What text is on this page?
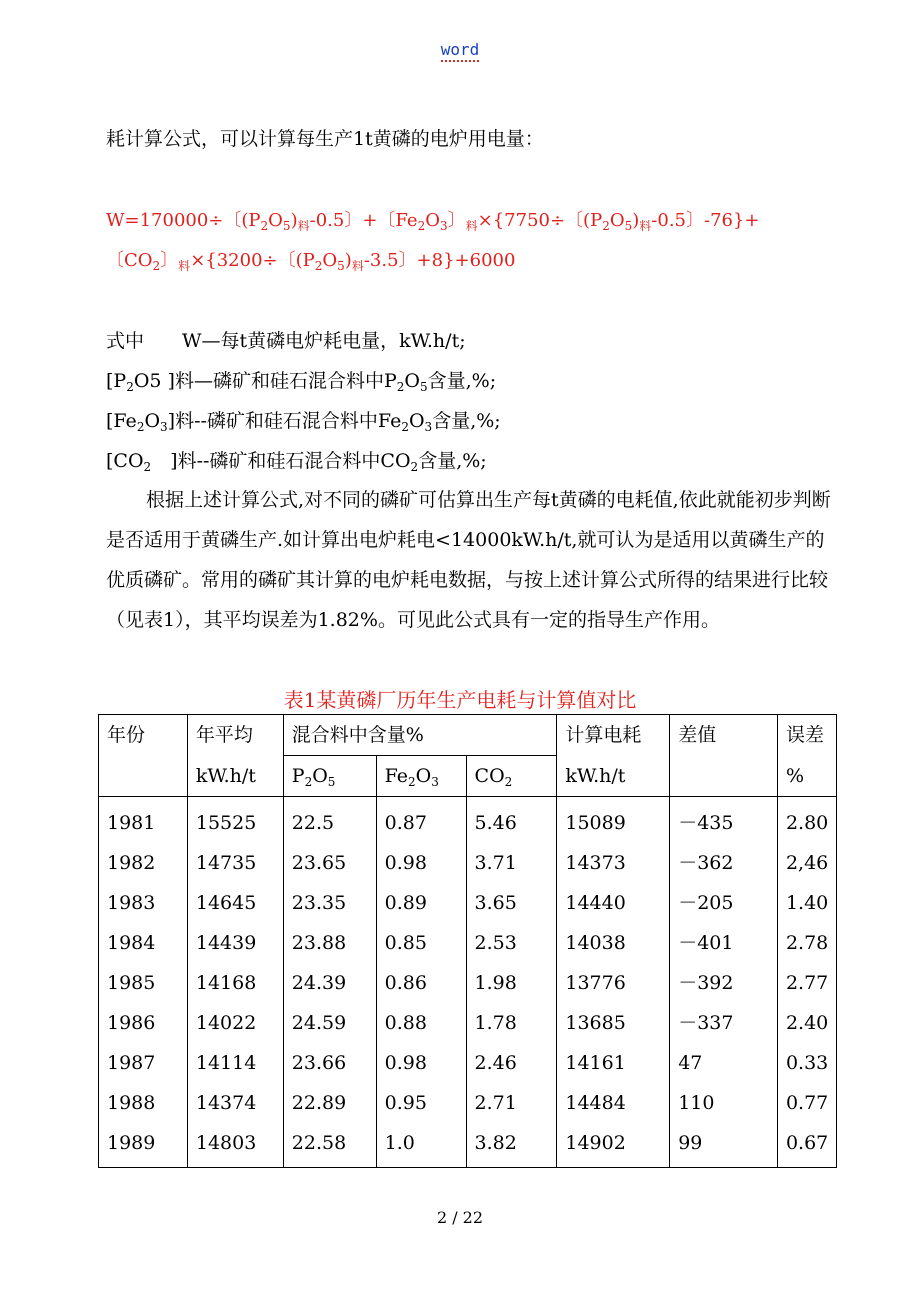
word
耗计算公式，可以计算每生产1t黄磷的电炉用电量：
W=170000÷〔$(P_2O_5)_料-0.5$〕+〔$Fe_2O_3$〕$_料$×{7750÷〔$(P_2O_5)_料-0.5$〕-76}+
〔$CO_2$〕$_料$×{3200÷〔$(P_2O_5)_料-3.5$〕+8}+6000
式中　　W—每t黄磷电炉耗电量，kW.h/t;
[$P_2O5$ ]料—磷矿和硅石混合料中$P_2O_5$含量,%;
$[Fe_2O_3]$料--磷矿和硅石混合料中$Fe_2O_3$含量,%;
[$CO_2$　]料--磷矿和硅石混合料中$CO_2$含量,%;
根据上述计算公式,对不同的磷矿可估算出生产每t黄磷的电耗值,依此就能初步判断是否适用于黄磷生产.如计算出电炉耗电<14000kW.h/t,就可认为是适用以黄磷生产的优质磷矿。常用的磷矿其计算的电炉耗电数据，与按上述计算公式所得的结果进行比较（见表1），其平均误差为1.82%。可见此公式具有一定的指导生产作用。
表1某黄磷厂历年生产电耗与计算值对比
年份	年平均	混合料中含量%			计算电耗	差值	误差
	kW.h/t	$P_2O_5$	$Fe_2O_3$	$CO_2$	kW.h/t		%
1981	15525	22.5	0.87	5.46	15089	－435	2.80
1982	14735	23.65	0.98	3.71	14373	－362	2,46
1983	14645	23.35	0.89	3.65	14440	－205	1.40
1984	14439	23.88	0.85	2.53	14038	－401	2.78
1985	14168	24.39	0.86	1.98	13776	－392	2.77
1986	14022	24.59	0.88	1.78	13685	－337	2.40
1987	14114	23.66	0.98	2.46	14161	47	0.33
1988	14374	22.89	0.95	2.71	14484	110	0.77
1989	14803	22.58	1.0	3.82	14902	99	0.67
2 / 22
